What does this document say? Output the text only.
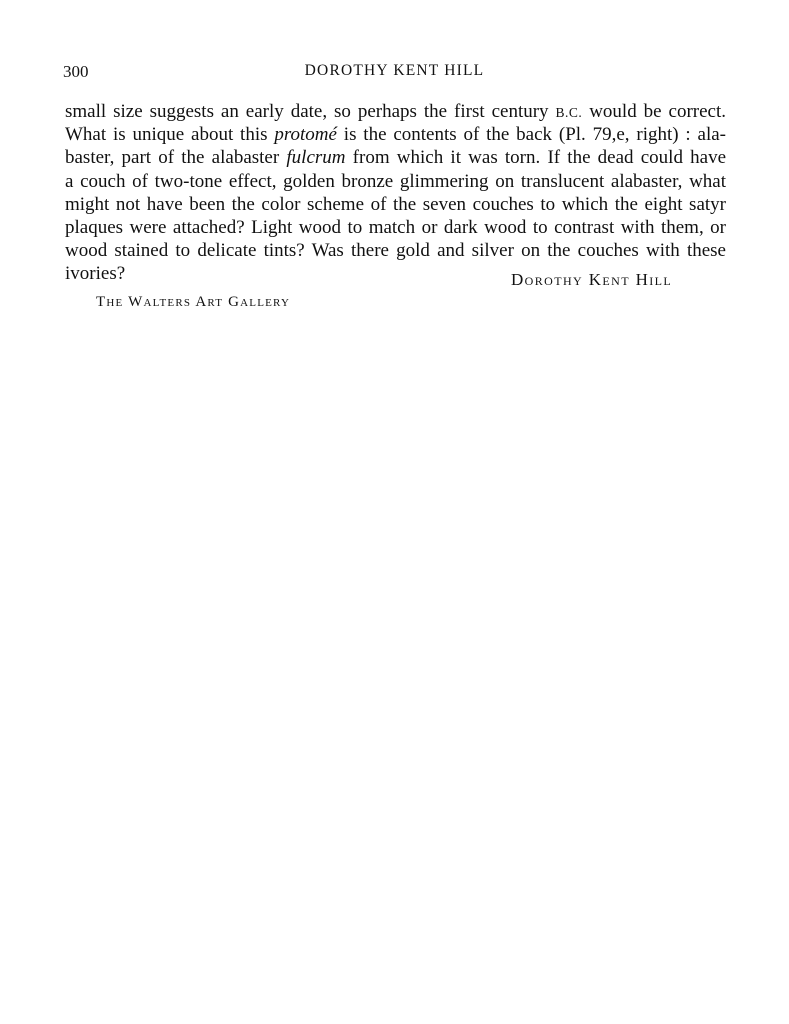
300	DOROTHY KENT HILL
small size suggests an early date, so perhaps the first century B.C. would be correct.
What is unique about this protomé is the contents of the back (Pl. 79,e, right) : ala-
baster, part of the alabaster fulcrum from which it was torn. If the dead could have
a couch of two-tone effect, golden bronze glimmering on translucent alabaster, what
might not have been the color scheme of the seven couches to which the eight satyr
plaques were attached? Light wood to match or dark wood to contrast with them, or
wood stained to delicate tints? Was there gold and silver on the couches with these
ivories?	Dorothy Kent Hill
The Walters Art Gallery
